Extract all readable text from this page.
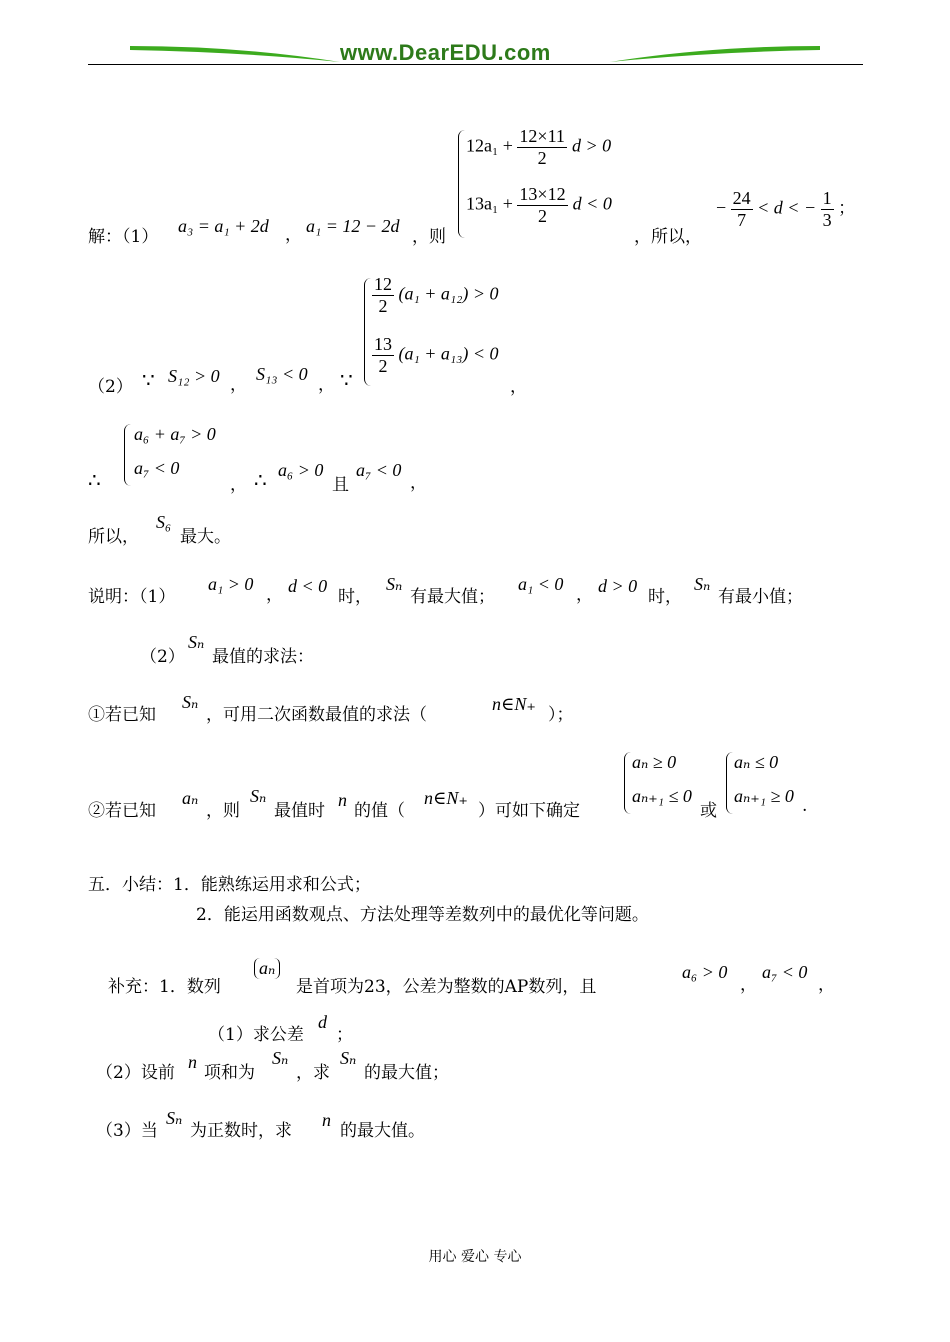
www.DearEDU.com
解：（1）
a₃ = a₁ + 2d ， a₁ = 12 − 2d
，则
$12a_1 + \frac{12\times 11}{2}$ d > 0
$13a_1 + \frac{13\times 12}{2}$ d < 0
，所以，
− $\frac{24}{7} < d$ < − $\frac{1}{3}$ ；
（2） ∵ S₁₂ > 0 ，
S₁₃ < 0
， ∵
$\frac{12}{2} (a_1 + a_{12}) > 0$
$\frac{13}{2} (a_1 + a_{13}) < 0$
，
∴
a₆ + a₇ > 0
a₇ < 0
， ∴ a₆ > 0
且
a₇ < 0
，
所以，
S₆
最大。
说明：（1）
a₁ > 0
， d < 0
时，
Sₙ
有最大值；
a₁ < 0
， d > 0
时，
Sₙ
有最小值；
（2）
Sₙ
最值的求法：
①若已知
Sₙ
，可用二次函数最值的求法（
n∈N₊
）；
②若已知
aₙ
，则
Sₙ
最值时
n
的值（
n∈N₊
）可如下确定
aₙ ≥ 0
aₙ₊₁ ≤ 0
或
aₙ ≤ 0
aₙ₊₁ ≥ 0 .
五．小结：1．能熟练运用求和公式；
2．能运用函数观点、方法处理等差数列中的最优化等问题。
补充：1．数列
aₙ
是首项为23，公差为整数的AP数列，且
a₆ > 0
，
a₇ < 0
，
（1）求公差
d
；
（2）设前
n
项和为
Sₙ
，求
Sₙ
的最大值；
（3）当
Sₙ
为正数时，求
n
的最大值。
用心 爱心 专心
